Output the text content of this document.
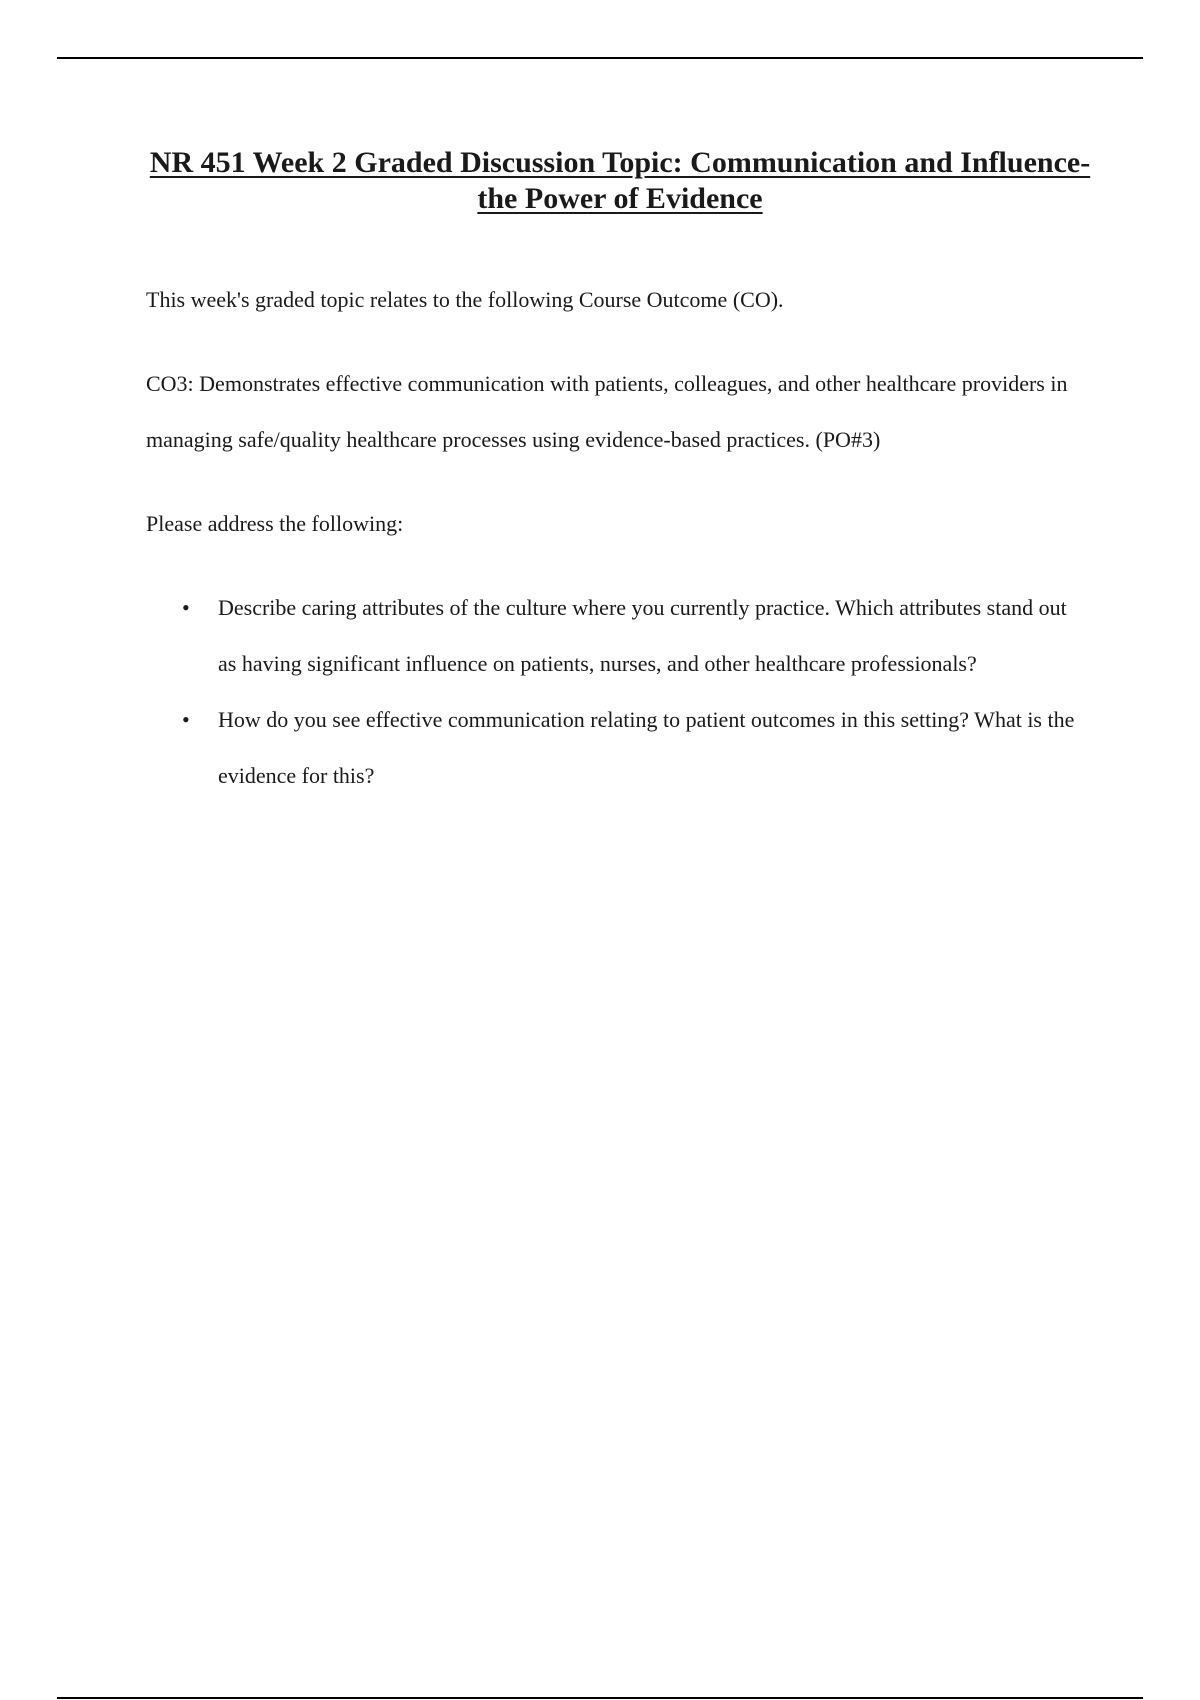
NR 451 Week 2 Graded Discussion Topic: Communication and Influence-the Power of Evidence

This week's graded topic relates to the following Course Outcome (CO).

CO3: Demonstrates effective communication with patients, colleagues, and other healthcare providers in managing safe/quality healthcare processes using evidence-based practices. (PO#3)

Please address the following:

• Describe caring attributes of the culture where you currently practice. Which attributes stand out as having significant influence on patients, nurses, and other healthcare professionals?
• How do you see effective communication relating to patient outcomes in this setting? What is the evidence for this?
